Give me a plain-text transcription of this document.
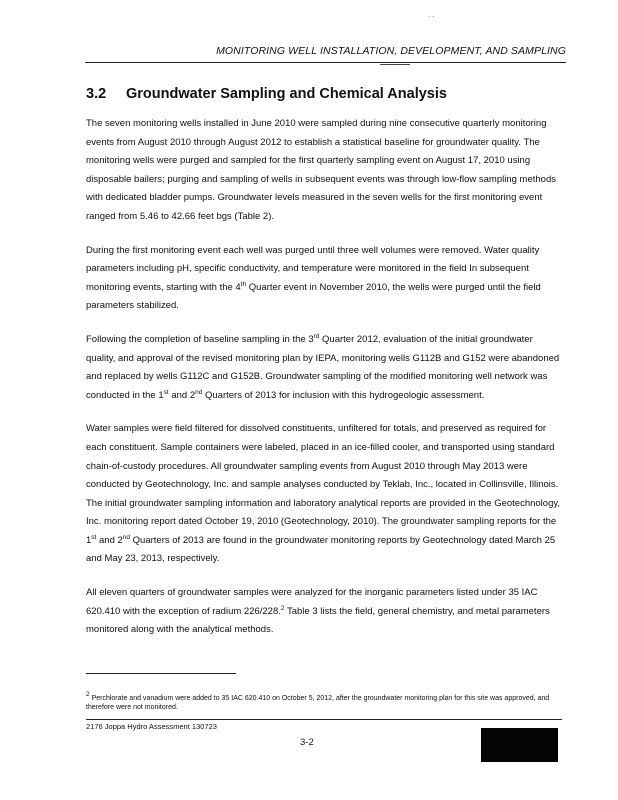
. .
MONITORING WELL INSTALLATION, DEVELOPMENT, AND SAMPLING
3.2 Groundwater Sampling and Chemical Analysis

The seven monitoring wells installed in June 2010 were sampled during nine consecutive quarterly monitoring events from August 2010 through August 2012 to establish a statistical baseline for groundwater quality. The monitoring wells were purged and sampled for the first quarterly sampling event on August 17, 2010 using disposable bailers; purging and sampling of wells in subsequent events was through low-flow sampling methods with dedicated bladder pumps. Groundwater levels measured in the seven wells for the first monitoring event ranged from 5.46 to 42.66 feet bgs (Table 2).

During the first monitoring event each well was purged until three well volumes were removed. Water quality parameters including pH, specific conductivity, and temperature were monitored in the field In subsequent monitoring events, starting with the 4th Quarter event in November 2010, the wells were purged until the field parameters stabilized.

Following the completion of baseline sampling in the 3rd Quarter 2012, evaluation of the initial groundwater quality, and approval of the revised monitoring plan by IEPA, monitoring wells G112B and G152 were abandoned and replaced by wells G112C and G152B. Groundwater sampling of the modified monitoring well network was conducted in the 1st and 2nd Quarters of 2013 for inclusion with this hydrogeologic assessment.

Water samples were field filtered for dissolved constituents, unfiltered for totals, and preserved as required for each constituent. Sample containers were labeled, placed in an ice-filled cooler, and transported using standard chain-of-custody procedures. All groundwater sampling events from August 2010 through May 2013 were conducted by Geotechnology, Inc. and sample analyses conducted by Teklab, Inc., located in Collinsville, Illinois. The initial groundwater sampling information and laboratory analytical reports are provided in the Geotechnology, Inc. monitoring report dated October 19, 2010 (Geotechnology, 2010). The groundwater sampling reports for the 1st and 2nd Quarters of 2013 are found in the groundwater monitoring reports by Geotechnology dated March 25 and May 23, 2013, respectively.

All eleven quarters of groundwater samples were analyzed for the inorganic parameters listed under 35 IAC 620.410 with the exception of radium 226/228.$^2$ Table 3 lists the field, general chemistry, and metal parameters monitored along with the analytical methods.

$^2$ Perchlorate and vanadium were added to 35 IAC 620.410 on October 5, 2012, after the groundwater monitoring plan for this site was approved, and therefore were not monitored.
2176 Joppa Hydro Assessment 130723
3-2
